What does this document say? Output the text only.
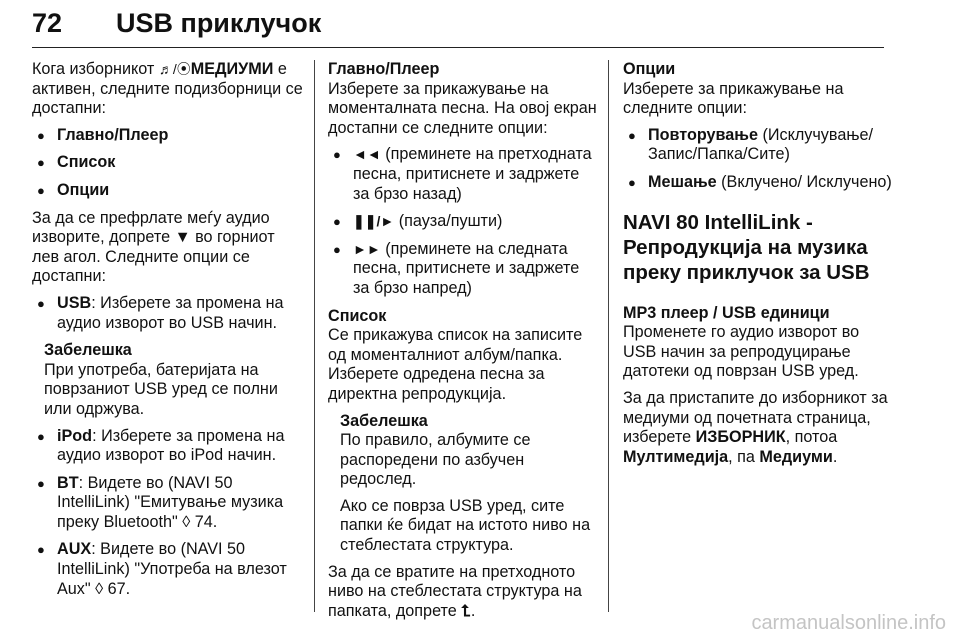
72 USB приклучок

Кога изборникот ♬/⦿МЕДИУМИ е активен, следните подизборници се достапни:

● Главно/Плеер
● Список
● Опции

За да се префрлате меѓу аудио изворите, допрете ▼ во горниот лев агол. Следните опции се достапни:

● USB: Изберете за промена на аудио изворот во USB начин.

Забелешка

При употреба, батеријата на поврзаниот USB уред се полни или одржува.

● iPod: Изберете за промена на аудио изворот во iPod начин.
● BT: Видете во (NAVI 50 IntelliLink) "Емитување музика преку Bluetooth" ◊ 74.
● AUX: Видете во (NAVI 50 IntelliLink) "Употреба на влезот Aux" ◊ 67.

Главно/Плеер

Изберете за прикажување на моменталната песна. На овој екран достапни се следните опции:

● ◄◄ (преминете на претходната песна, притиснете и задржете за брзо назад)
● ❚❚/► (пауза/пушти)
● ►► (преминете на следната песна, притиснете и задржете за брзо напред)

Список

Се прикажува список на записите од моменталниот албум/папка. Изберете одредена песна за директна репродукција.

Забелешка

По правило, албумите се распоредени по азбучен редослед.

Ако се поврза USB уред, сите папки ќе бидат на истото ниво на стеблестата структура.

За да се вратите на претходното ниво на стеблестата структура на папката, допрете ⮤.

Опции

Изберете за прикажување на следните опции:

● Повторување (Исклучување/ Запис/Папка/Сите)
● Мешање (Вклучено/ Исклучено)

NAVI 80 IntelliLink - Репродукција на музика преку приклучок за USB

MP3 плеер / USB единици

Променете го аудио изворот во USB начин за репродуцирање датотеки од поврзан USB уред.

За да пристапите до изборникот за медиуми од почетната страница, изберете ИЗБОРНИК, потоа Мултимедија, па Медиуми.

carmanualsonline.info
